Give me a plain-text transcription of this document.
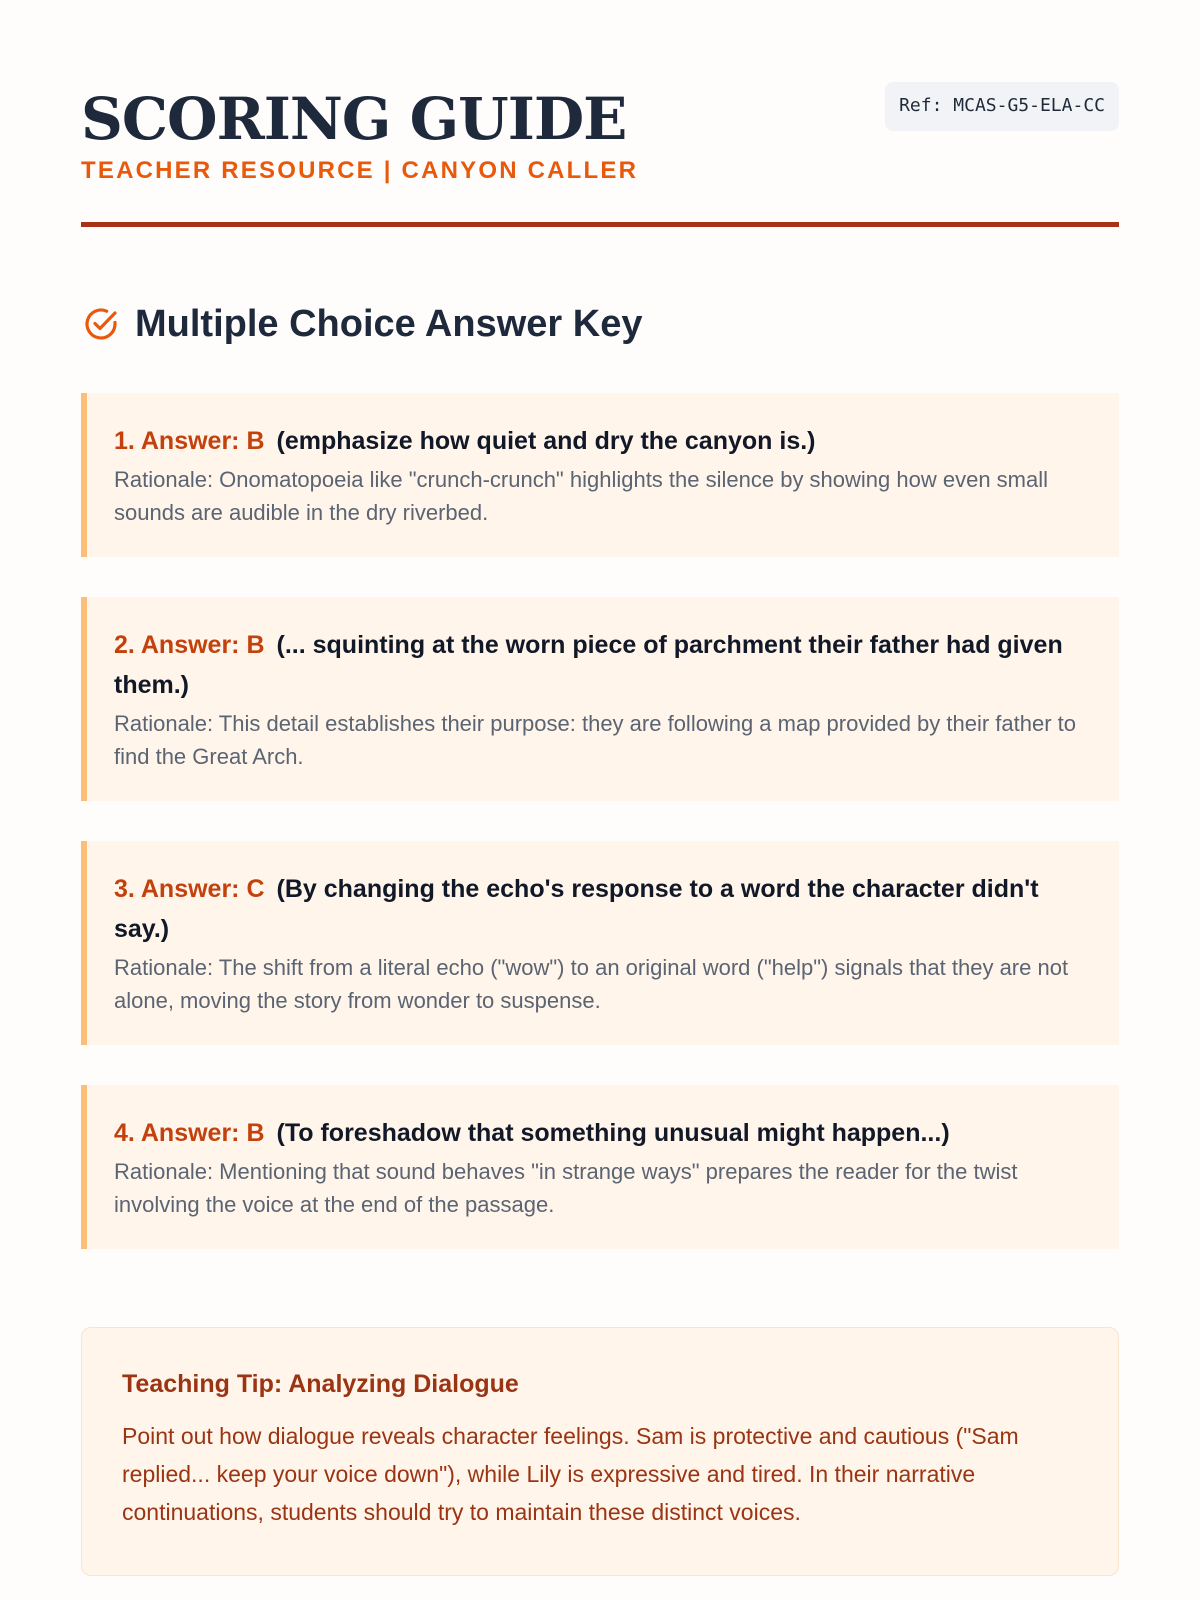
SCORING GUIDE
TEACHER RESOURCE | CANYON CALLER
Ref: MCAS-G5-ELA-CC
Multiple Choice Answer Key
1. Answer: B (emphasize how quiet and dry the canyon is.)
Rationale: Onomatopoeia like "crunch-crunch" highlights the silence by showing how even small sounds are audible in the dry riverbed.
2. Answer: B (... squinting at the worn piece of parchment their father had given them.)
Rationale: This detail establishes their purpose: they are following a map provided by their father to find the Great Arch.
3. Answer: C (By changing the echo's response to a word the character didn't say.)
Rationale: The shift from a literal echo ("wow") to an original word ("help") signals that they are not alone, moving the story from wonder to suspense.
4. Answer: B (To foreshadow that something unusual might happen...)
Rationale: Mentioning that sound behaves "in strange ways" prepares the reader for the twist involving the voice at the end of the passage.
Teaching Tip: Analyzing Dialogue
Point out how dialogue reveals character feelings. Sam is protective and cautious ("Sam replied... keep your voice down"), while Lily is expressive and tired. In their narrative continuations, students should try to maintain these distinct voices.
